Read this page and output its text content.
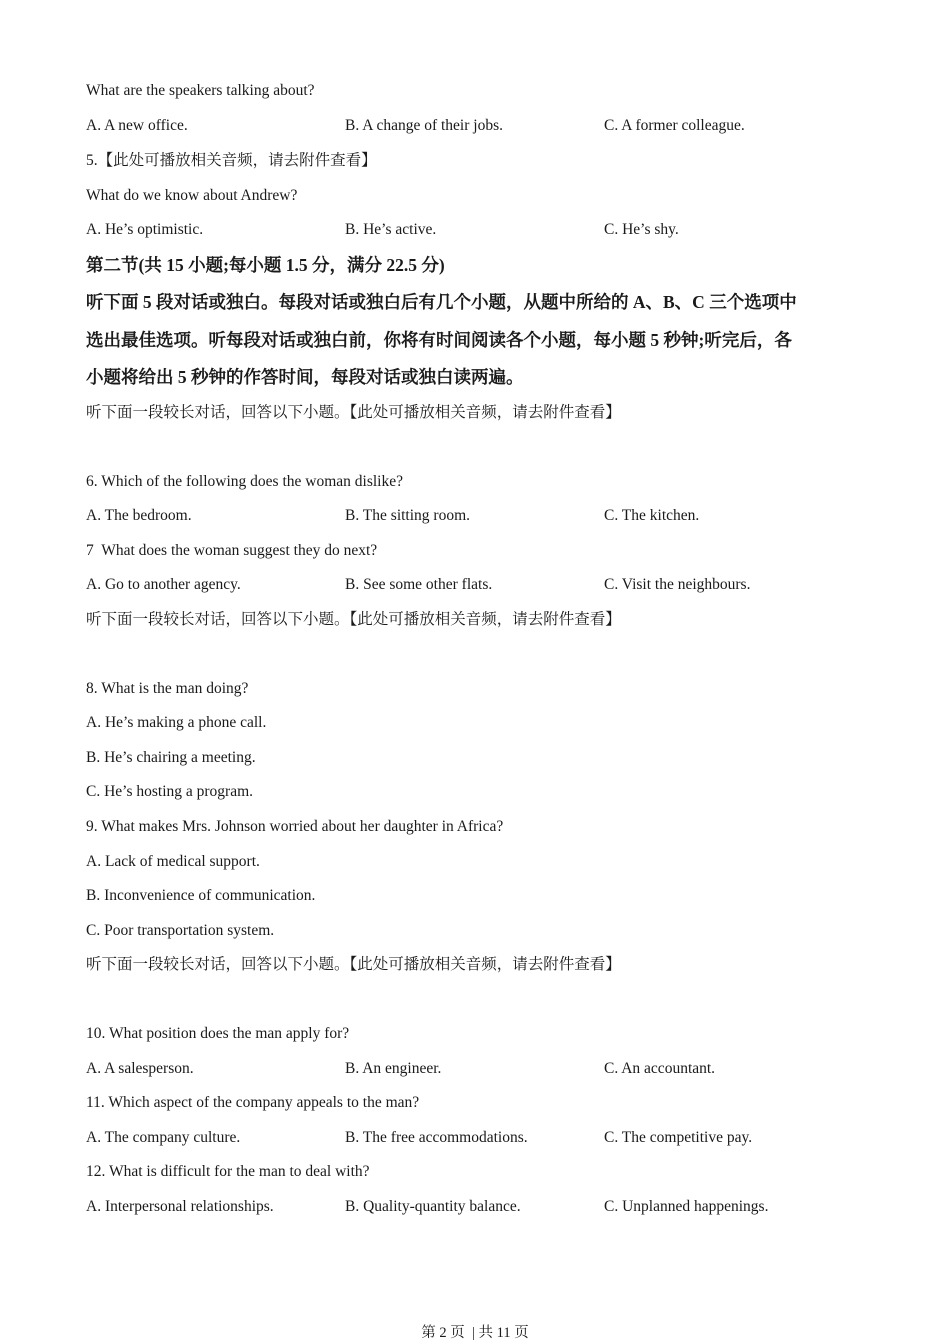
What are the speakers talking about?
A. A new office.	B. A change of their jobs.	C. A former colleague.
5.【此处可播放相关音频，请去附件查看】
What do we know about Andrew?
A. He’s optimistic.	B. He’s active.	C. He’s shy.
第二节(共 15 小题;每小题 1.5 分，满分 22.5 分)
听下面 5 段对话或独白。每段对话或独白后有几个小题，从题中所给的 A、B、C 三个选项中
选出最佳选项。听每段对话或独白前，你将有时间阅读各个小题，每小题 5 秒钟;听完后，各
小题将给出 5 秒钟的作答时间，每段对话或独白读两遍。
听下面一段较长对话，回答以下小题。【此处可播放相关音频，请去附件查看】
6. Which of the following does the woman dislike?
A. The bedroom.	B. The sitting room.	C. The kitchen.
7  What does the woman suggest they do next?
A. Go to another agency.	B. See some other flats.	C. Visit the neighbours.
听下面一段较长对话，回答以下小题。【此处可播放相关音频，请去附件查看】
8. What is the man doing?
A. He’s making a phone call.
B. He’s chairing a meeting.
C. He’s hosting a program.
9. What makes Mrs. Johnson worried about her daughter in Africa?
A. Lack of medical support.
B. Inconvenience of communication.
C. Poor transportation system.
听下面一段较长对话，回答以下小题。【此处可播放相关音频，请去附件查看】
10. What position does the man apply for?
A. A salesperson.	B. An engineer.	C. An accountant.
11. Which aspect of the company appeals to the man?
A. The company culture.	B. The free accommodations.	C. The competitive pay.
12. What is difficult for the man to deal with?
A. Interpersonal relationships.	B. Quality-quantity balance.	C. Unplanned happenings.
第 2 页  | 共 11 页
